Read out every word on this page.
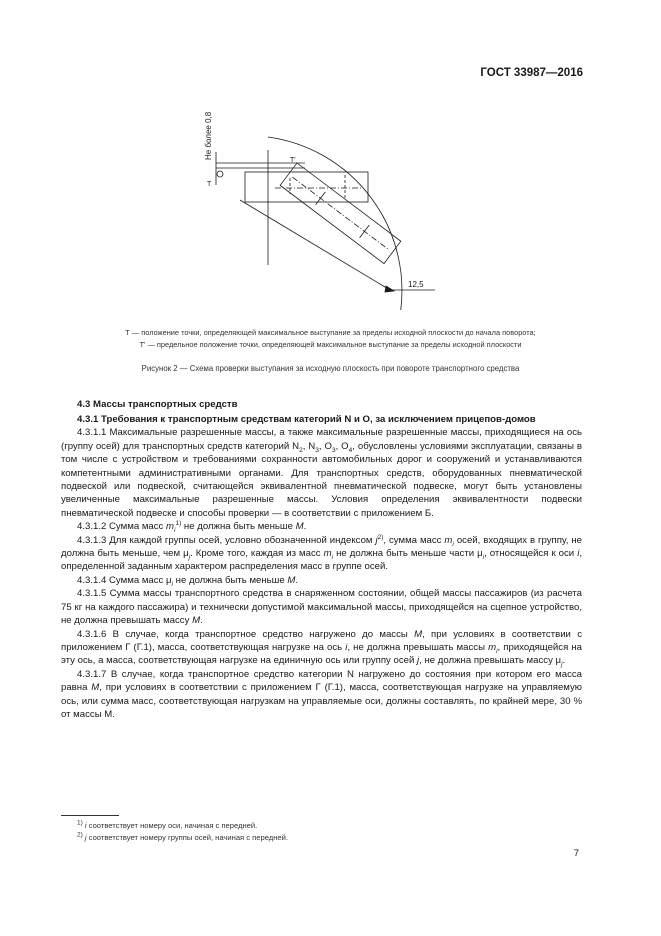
ГОСТ 33987—2016
Не более 0,8
Т'
Т
12,5
Т — положение точки, определяющей максимальное выступание за пределы исходной плоскости до начала поворота;
Т' — предельное положение точки, определяющей максимальное выступание за пределы исходной плоскости
Рисунок 2 — Схема проверки выступания за исходную плоскость при повороте транспортного средства
4.3 Массы транспортных средств

4.3.1 Требования к транспортным средствам категорий N и O, за исключением прицепов-домов

4.3.1.1 Максимальные разрешенные массы, а также максимальные разрешенные массы, приходящиеся на ось (группу осей) для транспортных средств категорий $N_2$, $N_3$, $O_3$, $O_4$, обусловлены условиями эксплуатации, связаны в том числе с устройством и требованиями сохранности автомобильных дорог и сооружений и устанавливаются компетентными административными органами. Для транспортных средств, оборудованных пневматической подвеской или подвеской, считающейся эквивалентной пневматической подвеске, могут быть установлены увеличенные максимальные разрешенные массы. Условия определения эквивалентности подвески пневматической подвеске и способы проверки — в соответствии с приложением Б.

4.3.1.2 Сумма масс $m_i^{1)}$ не должна быть меньше M.

4.3.1.3 Для каждой группы осей, условно обозначенной индексом $j^{2)}$, сумма масс $m_i$ осей, входящих в группу, не должна быть меньше, чем $\mu_j$. Кроме того, каждая из масс $m_i$ не должна быть меньше части $\mu_i$, относящейся к оси i, определенной заданным характером распределения масс в группе осей.

4.3.1.4 Сумма масс $\mu_i$ не должна быть меньше M.

4.3.1.5 Сумма массы транспортного средства в снаряженном состоянии, общей массы пассажиров (из расчета 75 кг на каждого пассажира) и технически допустимой максимальной массы, приходящейся на сцепное устройство, не должна превышать массу M.

4.3.1.6 В случае, когда транспортное средство нагружено до массы M, при условиях в соответствии с приложением Г (Г.1), масса, соответствующая нагрузке на ось i, не должна превышать массы $m_i$, приходящейся на эту ось, а масса, соответствующая нагрузке на единичную ось или группу осей j, не должна превышать массу $\mu_j$.

4.3.1.7 В случае, когда транспортное средство категории N нагружено до состояния при котором его масса равна M, при условиях в соответствии с приложением Г (Г.1), масса, соответствующая нагрузке на управляемую ось, или сумма масс, соответствующая нагрузкам на управляемые оси, должны составлять, по крайней мере, 30 % от массы М.

$^{1)}$ i соответствует номеру оси, начиная с передней.
$^{2)}$ j соответствует номеру группы осей, начиная с передней.
7
